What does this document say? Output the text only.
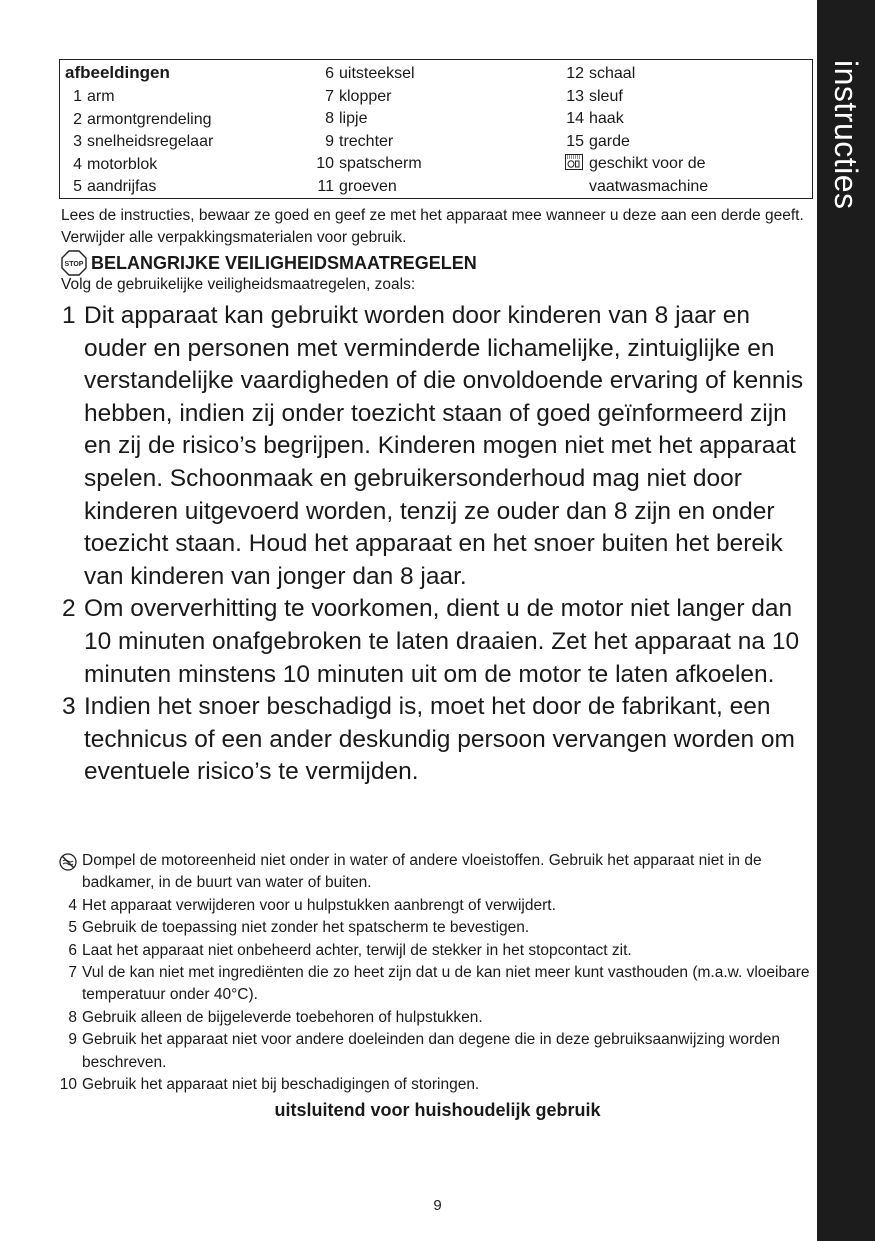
instructies
afbeeldingen
1 arm
2 armontgrendeling
3 snelheidsregelaar
4 motorblok
5 aandrijfas
6 uitsteeksel
7 klopper
8 lipje
9 trechter
10 spatscherm
11 groeven
12 schaal
13 sleuf
14 haak
15 garde
geschikt voor de
vaatwasmachine
Lees de instructies, bewaar ze goed en geef ze met het apparaat mee wanneer u deze aan een derde geeft. Verwijder alle verpakkingsmaterialen voor gebruik.
STOP BELANGRIJKE VEILIGHEIDSMAATREGELEN
Volg de gebruikelijke veiligheidsmaatregelen, zoals:
1 Dit apparaat kan gebruikt worden door kinderen van 8 jaar en ouder en personen met verminderde lichamelijke, zintuiglijke en verstandelijke vaardigheden of die onvoldoende ervaring of kennis hebben, indien zij onder toezicht staan of goed geïnformeerd zijn en zij de risico’s begrijpen. Kinderen mogen niet met het apparaat spelen. Schoonmaak en gebruikersonderhoud mag niet door kinderen uitgevoerd worden, tenzij ze ouder dan 8 zijn en onder toezicht staan. Houd het apparaat en het snoer buiten het bereik van kinderen van jonger dan 8 jaar.
2 Om oververhitting te voorkomen, dient u de motor niet langer dan 10 minuten onafgebroken te laten draaien. Zet het apparaat na 10 minuten minstens 10 minuten uit om de motor te laten afkoelen.
3 Indien het snoer beschadigd is, moet het door de fabrikant, een technicus of een ander deskundig persoon vervangen worden om eventuele risico’s te vermijden.
Dompel de motoreenheid niet onder in water of andere vloeistoffen. Gebruik het apparaat niet in de badkamer, in de buurt van water of buiten.
4 Het apparaat verwijderen voor u hulpstukken aanbrengt of verwijdert.
5 Gebruik de toepassing niet zonder het spatscherm te bevestigen.
6 Laat het apparaat niet onbeheerd achter, terwijl de stekker in het stopcontact zit.
7 Vul de kan niet met ingrediënten die zo heet zijn dat u de kan niet meer kunt vasthouden (m.a.w. vloeibare temperatuur onder 40°C).
8 Gebruik alleen de bijgeleverde toebehoren of hulpstukken.
9 Gebruik het apparaat niet voor andere doeleinden dan degene die in deze gebruiksaanwijzing worden beschreven.
10 Gebruik het apparaat niet bij beschadigingen of storingen.
uitsluitend voor huishoudelijk gebruik
9
